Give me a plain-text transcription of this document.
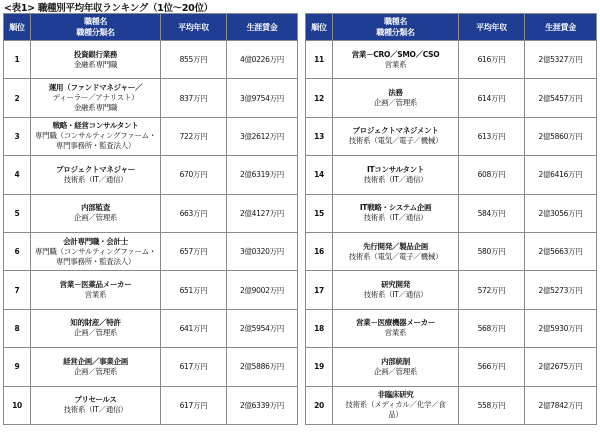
<表1> 職種別平均年収ランキング（1位～20位）
順位	職種名
職種分類名	平均年収	生涯賃金
1	投資銀行業務
金融系専門職	855万円	4億0226万円
2	運用（ファンドマネジャー／
ディーラー／アナリスト）
金融系専門職	837万円	3億9754万円
3	戦略・経営コンサルタント
専門職（コンサルティングファーム・
専門事務所・監査法人）	722万円	3億2612万円
4	プロジェクトマネジャー
技術系（IT／通信）	670万円	2億6319万円
5	内部監査
企画／管理系	663万円	2億4127万円
6	会計専門職・会計士
専門職（コンサルティングファーム・
専門事務所・監査法人）	657万円	3億0320万円
7	営業－医薬品メーカー
営業系	651万円	2億9002万円
8	知的財産／特許
企画／管理系	641万円	2億5954万円
9	経営企画／事業企画
企画／管理系	617万円	2億5886万円
10	プリセールス
技術系（IT／通信）	617万円	2億6339万円
順位	職種名
職種分類名	平均年収	生涯賃金
11	営業－CRO／SMO／CSO
営業系	616万円	2億5327万円
12	法務
企画／管理系	614万円	2億5457万円
13	プロジェクトマネジメント
技術系（電気／電子／機械）	613万円	2億5860万円
14	ITコンサルタント
技術系（IT／通信）	608万円	2億6416万円
15	IT戦略・システム企画
技術系（IT／通信）	584万円	2億3056万円
16	先行開発／製品企画
技術系（電気／電子／機械）	580万円	2億5663万円
17	研究開発
技術系（IT／通信）	572万円	2億5273万円
18	営業－医療機器メーカー
営業系	568万円	2億5930万円
19	内部統制
企画／管理系	566万円	2億2675万円
20	非臨床研究
技術系（メディカル／化学／食
品）	558万円	2億7842万円
